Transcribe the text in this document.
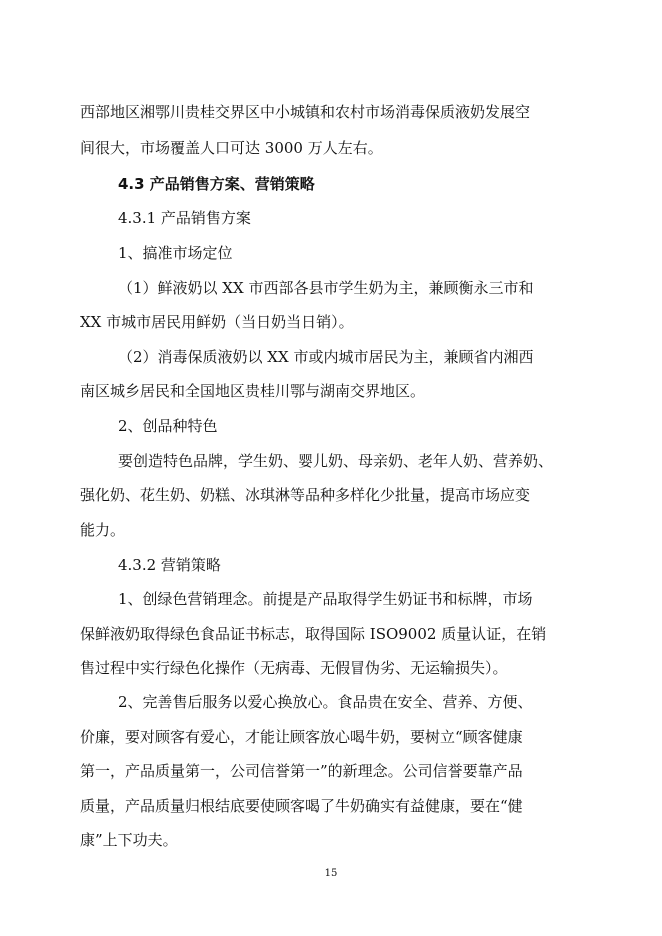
西部地区湘鄂川贵桂交界区中小城镇和农村市场消毒保质液奶发展空
间很大，市场覆盖人口可达 3000 万人左右。
4.3 产品销售方案、营销策略
4.3.1 产品销售方案
1、搞准市场定位
（1）鲜液奶以 XX 市西部各县市学生奶为主，兼顾衡永三市和
XX 市城市居民用鲜奶（当日奶当日销）。
（2）消毒保质液奶以 XX 市或内城市居民为主，兼顾省内湘西
南区城乡居民和全国地区贵桂川鄂与湖南交界地区。
2、创品种特色
要创造特色品牌，学生奶、婴儿奶、母亲奶、老年人奶、营养奶、
强化奶、花生奶、奶糕、冰琪淋等品种多样化少批量，提高市场应变
能力。
4.3.2 营销策略
1、创绿色营销理念。前提是产品取得学生奶证书和标牌，市场
保鲜液奶取得绿色食品证书标志，取得国际 ISO9002 质量认证，在销
售过程中实行绿色化操作（无病毒、无假冒伪劣、无运输损失）。
2、完善售后服务以爱心换放心。食品贵在安全、营养、方便、
价廉，要对顾客有爱心，才能让顾客放心喝牛奶，要树立“顾客健康
第一，产品质量第一，公司信誉第一”的新理念。公司信誉要靠产品
质量，产品质量归根结底要使顾客喝了牛奶确实有益健康，要在“健
康”上下功夫。
15
